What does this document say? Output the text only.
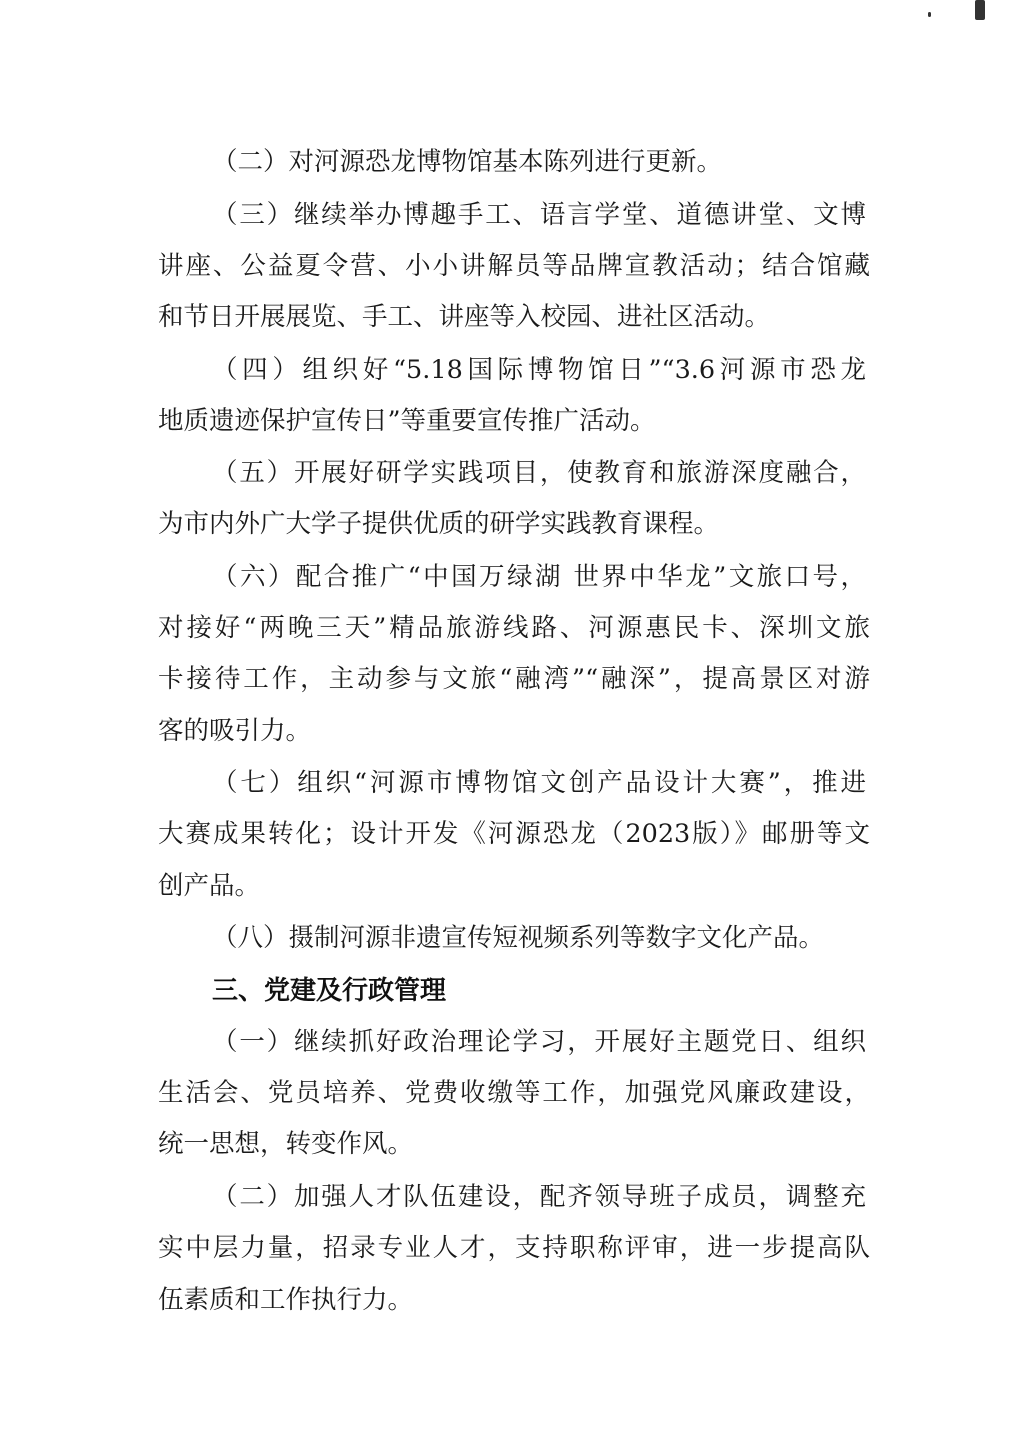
（二）对河源恐龙博物馆基本陈列进行更新。
（三）继续举办博趣手工、语言学堂、道德讲堂、文博
讲座、公益夏令营、小小讲解员等品牌宣教活动；结合馆藏
和节日开展展览、手工、讲座等入校园、进社区活动。
（四）组织好“5.18国际博物馆日”“3.6河源市恐龙
地质遗迹保护宣传日”等重要宣传推广活动。
（五）开展好研学实践项目，使教育和旅游深度融合，
为市内外广大学子提供优质的研学实践教育课程。
（六）配合推广“中国万绿湖 世界中华龙”文旅口号，
对接好“两晚三天”精品旅游线路、河源惠民卡、深圳文旅
卡接待工作，主动参与文旅“融湾”“融深”，提高景区对游
客的吸引力。
（七）组织“河源市博物馆文创产品设计大赛”，推进
大赛成果转化；设计开发《河源恐龙（2023版）》邮册等文
创产品。
（八）摄制河源非遗宣传短视频系列等数字文化产品。
三、党建及行政管理
（一）继续抓好政治理论学习，开展好主题党日、组织
生活会、党员培养、党费收缴等工作，加强党风廉政建设，
统一思想，转变作风。
（二）加强人才队伍建设，配齐领导班子成员，调整充
实中层力量，招录专业人才，支持职称评审，进一步提高队
伍素质和工作执行力。
